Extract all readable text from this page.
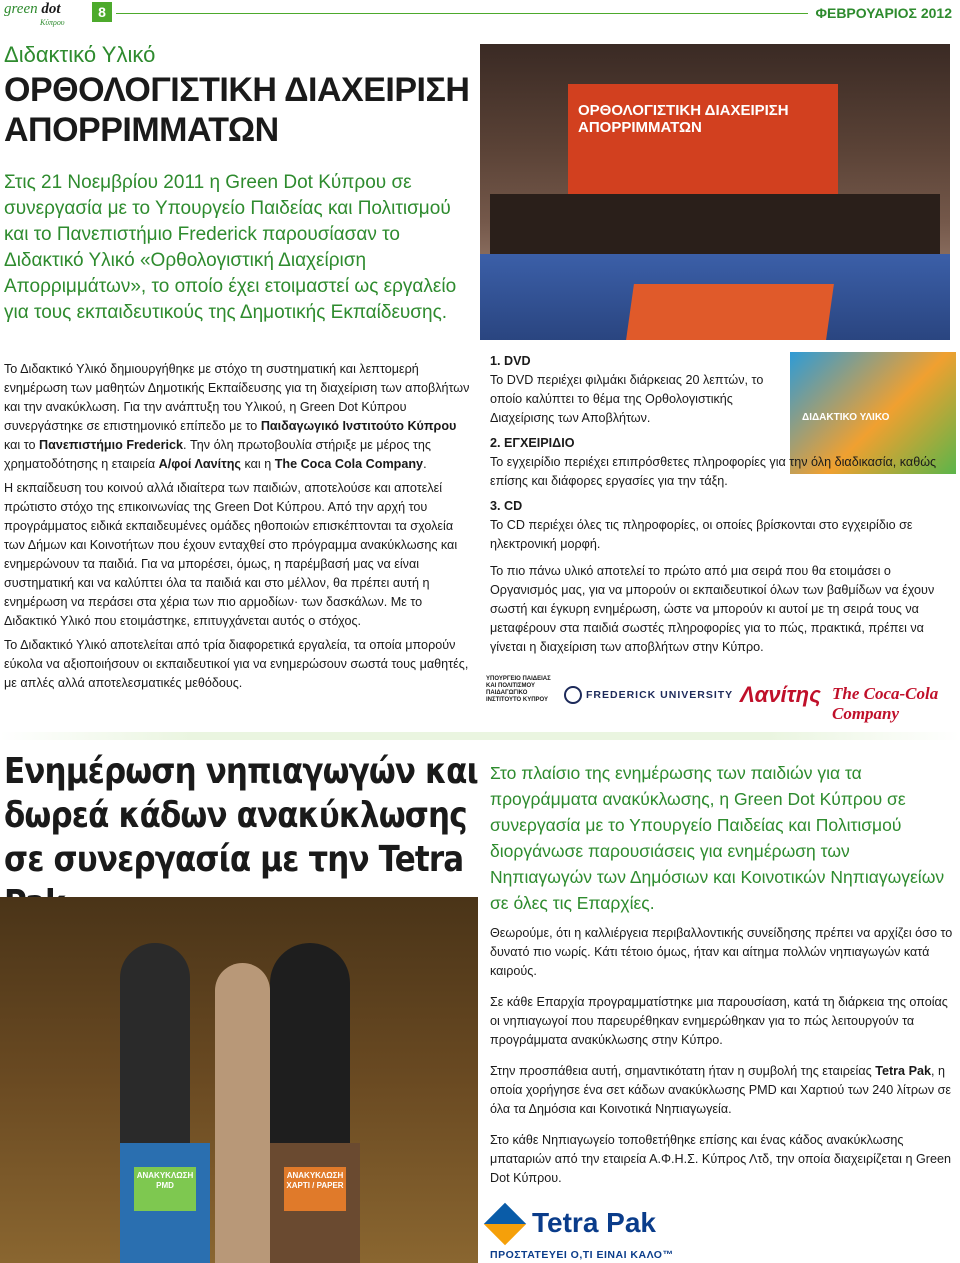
green dot
Κύπρου
8	ΦΕΒΡΟΥΑΡΙΟΣ 2012
Διδακτικό Υλικό
ΟΡΘΟΛΟΓΙΣΤΙΚΗ ΔΙΑΧΕΙΡΙΣΗ ΑΠΟΡΡΙΜΜΑΤΩΝ

Στις 21 Νοεμβρίου 2011 η Green Dot Κύπρου σε συνεργασία με το Υπουργείο Παιδείας και Πολιτισμού και το Πανεπιστήμιο Frederick παρουσίασαν το Διδακτικό Υλικό «Ορθολογιστική Διαχείριση Απορριμμάτων», το οποίο έχει ετοιμαστεί ως εργαλείο για τους εκπαιδευτικούς της Δημοτικής Εκπαίδευσης.

Το Διδακτικό Υλικό δημιουργήθηκε με στόχο τη συστηματική και λεπτομερή ενημέρωση των μαθητών Δημοτικής Εκπαίδευσης για τη διαχείριση των αποβλήτων και την ανακύκλωση. Για την ανάπτυξη του Υλικού, η Green Dot Κύπρου συνεργάστηκε σε επιστημονικό επίπεδο με το Παιδαγωγικό Ινστιτούτο Κύπρου και το Πανεπιστήμιο Frederick. Την όλη πρωτοβουλία στήριξε με μέρος της χρηματοδότησης η εταιρεία Α/φοί Λανίτης και η The Coca Cola Company.

Η εκπαίδευση του κοινού αλλά ιδιαίτερα των παιδιών, αποτελούσε και αποτελεί πρώτιστο στόχο της επικοινωνίας της Green Dot Κύπρου. Από την αρχή του προγράμματος ειδικά εκπαιδευμένες ομάδες ηθοποιών επισκέπτονται τα σχολεία των Δήμων και Κοινοτήτων που έχουν ενταχθεί στο πρόγραμμα ανακύκλωσης και ενημερώνουν τα παιδιά. Για να μπορέσει, όμως, η παρέμβασή μας να είναι συστηματική και να καλύπτει όλα τα παιδιά και στο μέλλον, θα πρέπει αυτή η ενημέρωση να περάσει στα χέρια των πιο αρμοδίων· των δασκάλων. Με το Διδακτικό Υλικό που ετοιμάστηκε, επιτυγχάνεται αυτός ο στόχος.

Το Διδακτικό Υλικό αποτελείται από τρία διαφορετικά εργαλεία, τα οποία μπορούν εύκολα να αξιοποιήσουν οι εκπαιδευτικοί για να ενημερώσουν σωστά τους μαθητές, με απλές αλλά αποτελεσματικές μεθόδους.

ΟΡΘΟΛΟΓΙΣΤΙΚΗ ΔΙΑΧΕΙΡΙΣΗ ΑΠΟΡΡΙΜΜΑΤΩΝ
ΔΙΔΑΚΤΙΚΟ ΥΛΙΚΟ
1. DVD

Το DVD περιέχει φιλμάκι διάρκειας 20 λεπτών, το οποίο καλύπτει το θέμα της Ορθολογιστικής Διαχείρισης των Αποβλήτων.

2. ΕΓΧΕΙΡΙΔΙΟ

Το εγχειρίδιο περιέχει επιπρόσθετες πληροφορίες για την όλη διαδικασία, καθώς επίσης και διάφορες εργασίες για την τάξη.

3. CD

Το CD περιέχει όλες τις πληροφορίες, οι οποίες βρίσκονται στο εγχειρίδιο σε ηλεκτρονική μορφή.

Το πιο πάνω υλικό αποτελεί το πρώτο από μια σειρά που θα ετοιμάσει ο Οργανισμός μας, για να μπορούν οι εκπαιδευτικοί όλων των βαθμίδων να έχουν σωστή και έγκυρη ενημέρωση, ώστε να μπορούν κι αυτοί με τη σειρά τους να μεταφέρουν στα παιδιά σωστές πληροφορίες για το πώς, πρακτικά, πρέπει να γίνεται η διαχείριση των αποβλήτων στην Κύπρο.

ΥΠΟΥΡΓΕΙΟ ΠΑΙΔΕΙΑΣ ΚΑΙ ΠΟΛΙΤΙΣΜΟΥ ΠΑΙΔΑΓΩΓΙΚΟ ΙΝΣΤΙΤΟΥΤΟ ΚΥΠΡΟΥ	FREDERICK UNIVERSITY Λανίτης The Coca-Cola Company
Ενημέρωση νηπιαγωγών και δωρεά κάδων ανακύκλωσης σε συνεργασία με την Tetra
ΑΝΑΚΥΚΛΩΣΗ PMD
ΑΝΑΚΥΚΛΩΣΗ ΧΑΡΤΙ / PAPER

Στο πλαίσιο της ενημέρωσης των παιδιών για τα προγράμματα ανακύκλωσης, η Green Dot Κύπρου σε συνεργασία με το Υπουργείο Παιδείας και Πολιτισμού διοργάνωσε παρουσιάσεις για ενημέρωση των Νηπιαγωγών των Δημόσιων και Κοινοτικών Νηπιαγωγείων σε όλες τις Επαρχίες.

Θεωρούμε, ότι η καλλιέργεια περιβαλλοντικής συνείδησης πρέπει να αρχίζει όσο το δυνατό πιο νωρίς. Κάτι τέτοιο όμως, ήταν και αίτημα πολλών νηπιαγωγών κατά καιρούς.

Σε κάθε Επαρχία προγραμματίστηκε μια παρουσίαση, κατά τη διάρκεια της οποίας οι νηπιαγωγοί που παρευρέθηκαν ενημερώθηκαν για το πώς λειτουργούν τα προγράμματα ανακύκλωσης στην Κύπρο.

Στην προσπάθεια αυτή, σημαντικότατη ήταν η συμβολή της εταιρείας Tetra Pak, η οποία χορήγησε ένα σετ κάδων ανακύκλωσης PMD και Χαρτιού των 240 λίτρων σε όλα τα Δημόσια και Κοινοτικά Νηπιαγωγεία.

Στο κάθε Νηπιαγωγείο τοποθετήθηκε επίσης και ένας κάδος ανακύκλωσης μπαταριών από την εταιρεία Α.Φ.Η.Σ. Κύπρος Λτδ, την οποία διαχειρίζεται η Green Dot Κύπρου.

Tetra Pak
ΠΡΟΣΤΑΤΕΥΕΙ Ο,ΤΙ ΕΙΝΑΙ ΚΑΛΟ™
